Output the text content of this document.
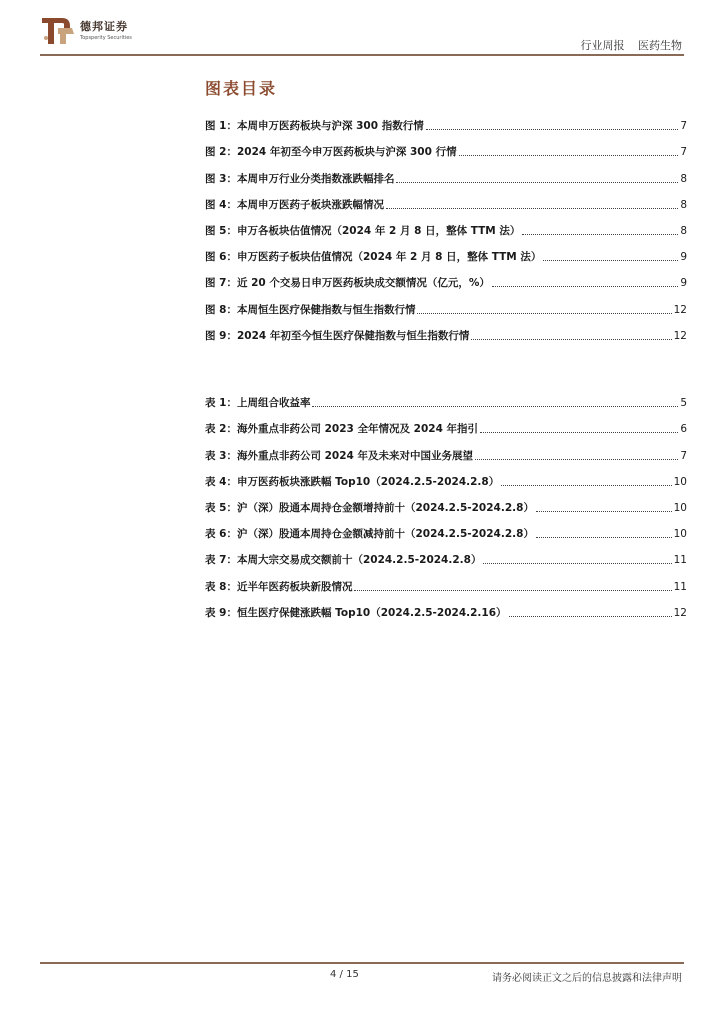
德邦证券
Topsperity Securities
行业周报 医药生物
图表目录
图 1：本周申万医药板块与沪深 300 指数行情	7
图 2：2024 年初至今申万医药板块与沪深 300 行情	7
图 3：本周申万行业分类指数涨跌幅排名	8
图 4：本周申万医药子板块涨跌幅情况	8
图 5：申万各板块估值情况（2024 年 2 月 8 日，整体 TTM 法）	8
图 6：申万医药子板块估值情况（2024 年 2 月 8 日，整体 TTM 法）	9
图 7：近 20 个交易日申万医药板块成交额情况（亿元，%）	9
图 8：本周恒生医疗保健指数与恒生指数行情	12
图 9：2024 年初至今恒生医疗保健指数与恒生指数行情	12
表 1：上周组合收益率	5
表 2：海外重点非药公司 2023 全年情况及 2024 年指引	6
表 3：海外重点非药公司 2024 年及未来对中国业务展望	7
表 4：申万医药板块涨跌幅 Top10（2024.2.5-2024.2.8）	10
表 5：沪（深）股通本周持仓金额增持前十（2024.2.5-2024.2.8）	10
表 6：沪（深）股通本周持仓金额减持前十（2024.2.5-2024.2.8）	10
表 7：本周大宗交易成交额前十（2024.2.5-2024.2.8）	11
表 8：近半年医药板块新股情况	11
表 9：恒生医疗保健涨跌幅 Top10（2024.2.5-2024.2.16）	12
4 / 15	请务必阅读正文之后的信息披露和法律声明
